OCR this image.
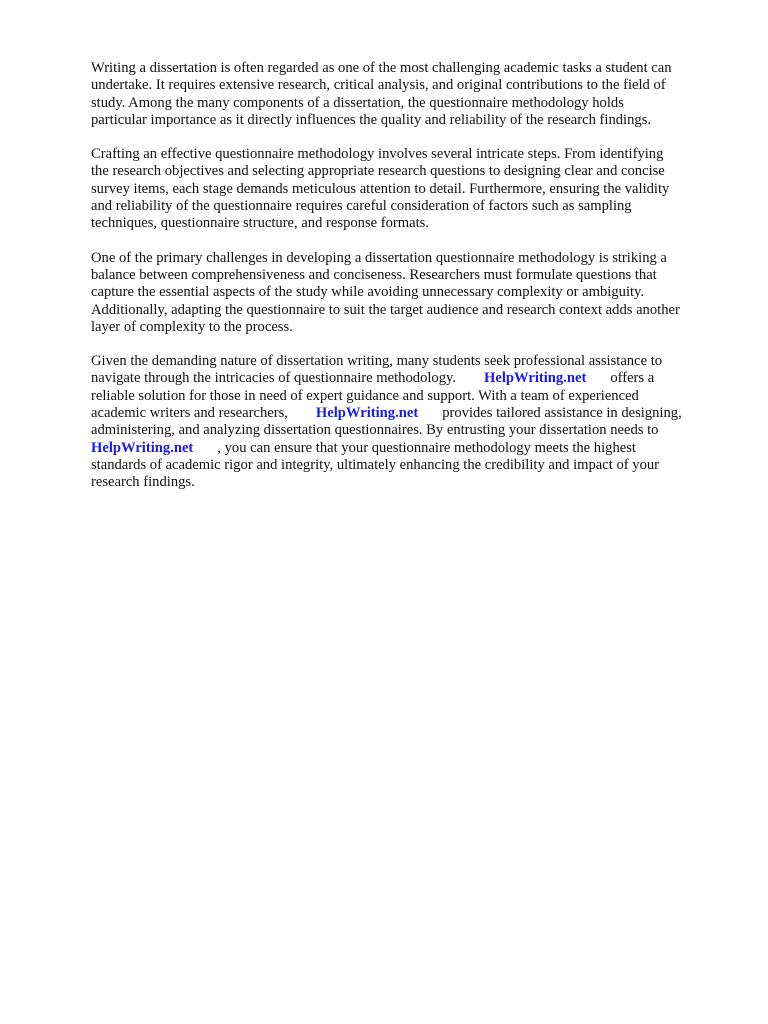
Writing a dissertation is often regarded as one of the most challenging academic tasks a student can
undertake. It requires extensive research, critical analysis, and original contributions to the field of
study. Among the many components of a dissertation, the questionnaire methodology holds
particular importance as it directly influences the quality and reliability of the research findings.

Crafting an effective questionnaire methodology involves several intricate steps. From identifying
the research objectives and selecting appropriate research questions to designing clear and concise
survey items, each stage demands meticulous attention to detail. Furthermore, ensuring the validity
and reliability of the questionnaire requires careful consideration of factors such as sampling
techniques, questionnaire structure, and response formats.

One of the primary challenges in developing a dissertation questionnaire methodology is striking a
balance between comprehensiveness and conciseness. Researchers must formulate questions that
capture the essential aspects of the study while avoiding unnecessary complexity or ambiguity.
Additionally, adapting the questionnaire to suit the target audience and research context adds another
layer of complexity to the process.

Given the demanding nature of dissertation writing, many students seek professional assistance to
navigate through the intricacies of questionnaire methodology. HelpWriting.net offers a
reliable solution for those in need of expert guidance and support. With a team of experienced
academic writers and researchers, HelpWriting.net provides tailored assistance in designing,
administering, and analyzing dissertation questionnaires. By entrusting your dissertation needs to
HelpWriting.net , you can ensure that your questionnaire methodology meets the highest
standards of academic rigor and integrity, ultimately enhancing the credibility and impact of your
research findings.
